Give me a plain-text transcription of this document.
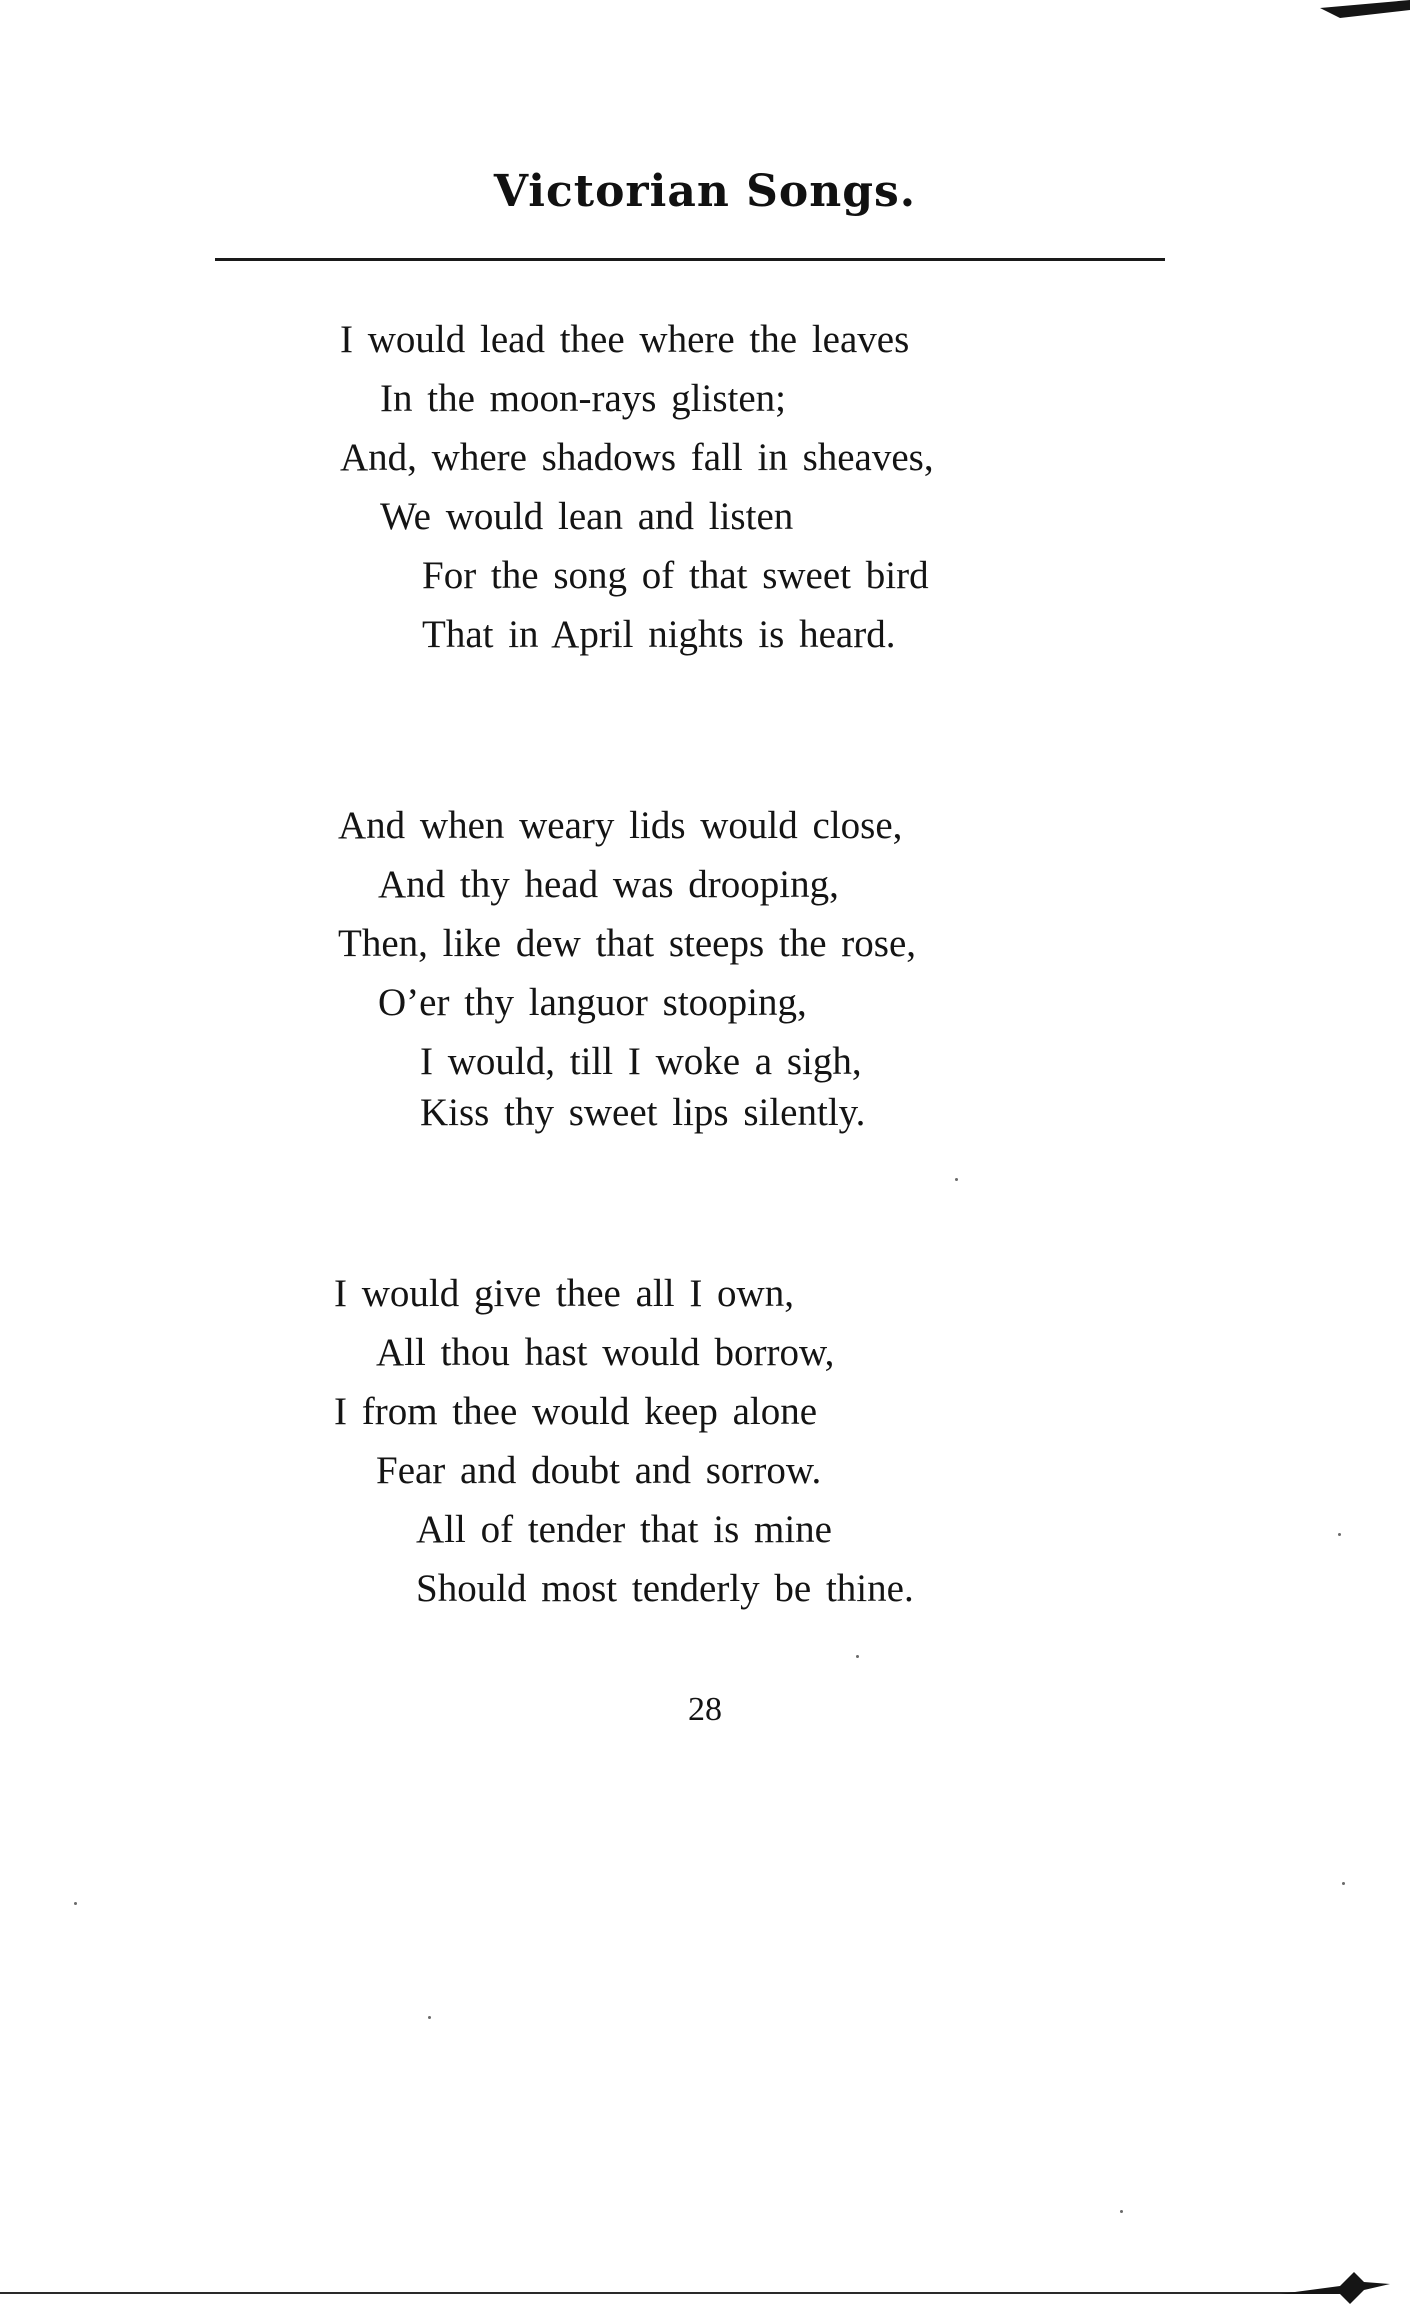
Victorian Songs.
I would lead thee where the leaves
In the moon-rays glisten;
And, where shadows fall in sheaves,
We would lean and listen
For the song of that sweet bird
That in April nights is heard.
And when weary lids would close,
And thy head was drooping,
Then, like dew that steeps the rose,
O’er thy languor stooping,
I would, till I woke a sigh,
Kiss thy sweet lips silently.
I would give thee all I own,
All thou hast would borrow,
I from thee would keep alone
Fear and doubt and sorrow.
All of tender that is mine
Should most tenderly be thine.
28
